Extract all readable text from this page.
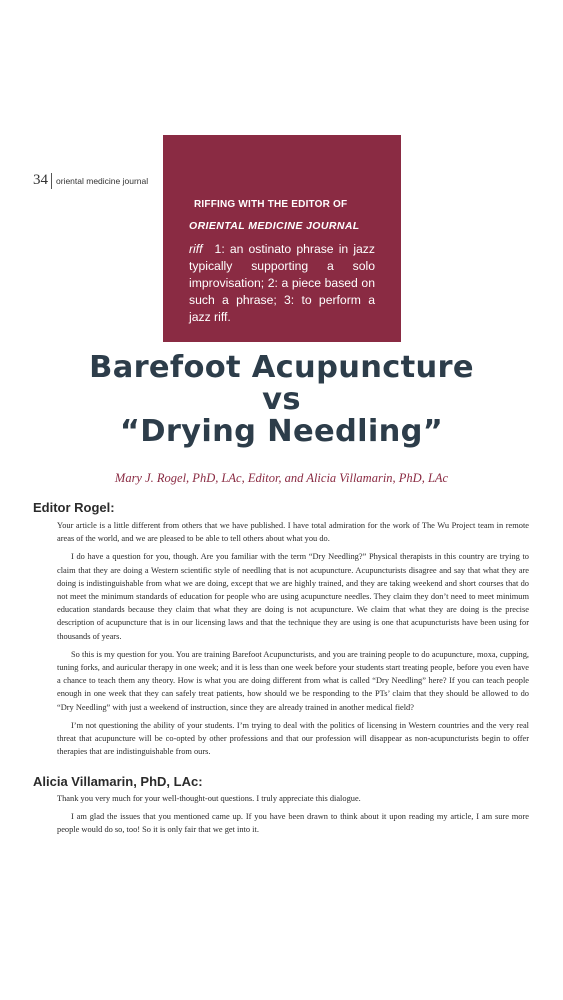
34 oriental medicine journal
RIFFING WITH THE EDITOR OF
ORIENTAL MEDICINE JOURNAL
riff 1: an ostinato phrase in jazz typically supporting a solo improvisation; 2: a piece based on such a phrase; 3: to perform a jazz riff.
Barefoot Acupuncture
vs
“Drying Needling”
Mary J. Rogel, PhD, LAc, Editor, and Alicia Villamarin, PhD, LAc
Editor Rogel:

Your article is a little different from others that we have published. I have total admiration for the work of The Wu Project team in remote areas of the world, and we are pleased to be able to tell others about what you do.

I do have a question for you, though. Are you familiar with the term “Dry Needling?” Physical therapists in this country are trying to claim that they are doing a Western scientific style of needling that is not acupuncture. Acupuncturists disagree and say that what they are doing is indistinguishable from what we are doing, except that we are highly trained, and they are taking weekend and short courses that do not meet the minimum standards of education for people who are using acupuncture needles. They claim they don’t need to meet minimum education standards because they claim that what they are doing is not acupuncture. We claim that what they are doing is the precise description of acupuncture that is in our licensing laws and that the technique they are using is one that acupuncturists have been using for thousands of years.

So this is my question for you. You are training Barefoot Acupuncturists, and you are training people to do acupuncture, moxa, cupping, tuning forks, and auricular therapy in one week; and it is less than one week before your students start treating people, before you even have a chance to teach them any theory. How is what you are doing different from what is called “Dry Needling” here? If you can teach people enough in one week that they can safely treat patients, how should we be responding to the PTs’ claim that they should be allowed to do “Dry Needling” with just a weekend of instruction, since they are already trained in another medical field?

I’m not questioning the ability of your students. I’m trying to deal with the politics of licensing in Western countries and the very real threat that acupuncture will be co-opted by other professions and that our profession will disappear as non-acupuncturists begin to offer therapies that are indistinguishable from ours.

Alicia Villamarin, PhD, LAc:

Thank you very much for your well-thought-out questions. I truly appreciate this dialogue.

I am glad the issues that you mentioned came up. If you have been drawn to think about it upon reading my article, I am sure more people would do so, too! So it is only fair that we get into it.
